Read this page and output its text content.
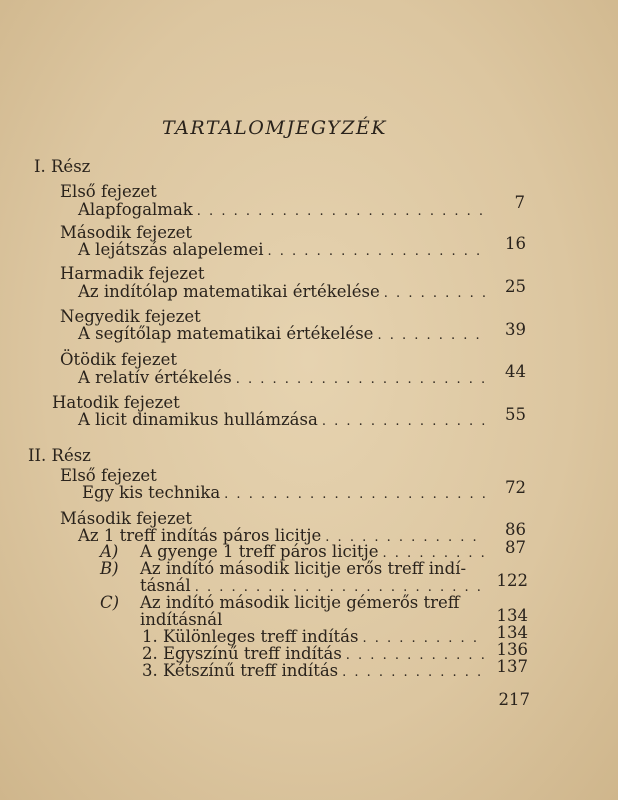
TARTALOMJEGYZÉK
I. Rész
Első fejezet
Alapfogalmak . . .	7
Második fejezet
A lejátszás alapelemei . . .	16
Harmadik fejezet
Az indítólap matematikai értékelése . . .	25
Negyedik fejezet
A segítőlap matematikai értékelése . . .	39
Ötödik fejezet
A relatív értékelés . . .	44
Hatodik fejezet
A licit dinamikus hullámzása . . .	55
II. Rész
Első fejezet
Egy kis technika . . .	72
Második fejezet
Az 1 treff indítás páros licitje . . .	86
A)	A gyenge 1 treff páros licitje . . .	87
B) Az indító második licitje erős treff indí-
tásnál . . .	122
C) Az indító második licitje gémerős treff
indításnál	134
1. Különleges treff indítás . . .	134
2. Egyszínű treff indítás . . .	136
3. Kétszínű treff indítás . . .	137
217
